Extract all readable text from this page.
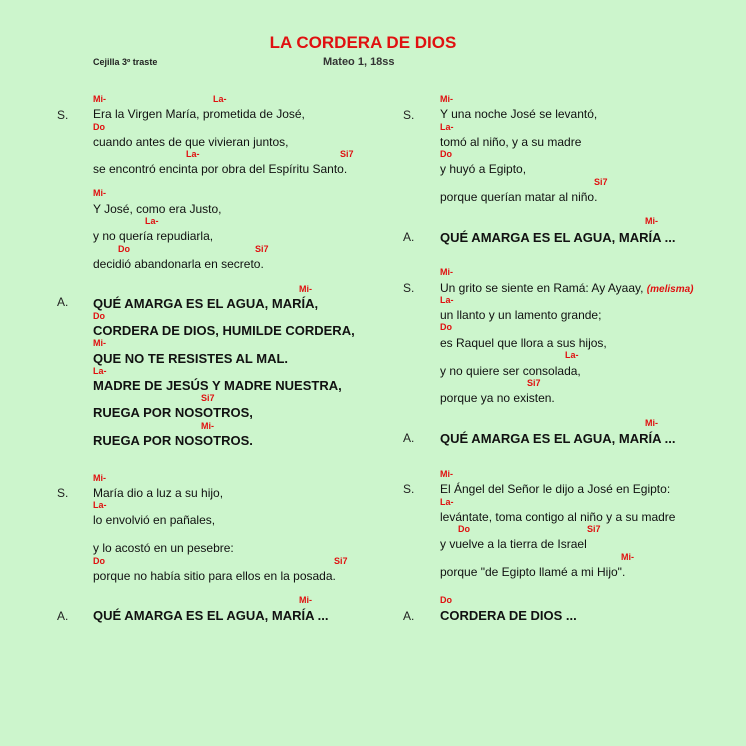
LA CORDERA DE DIOS
Cejilla 3º traste	Mateo 1, 18ss
S.
Mi-	La-
Era la Virgen María, prometida de José,
Do
cuando antes de que vivieran juntos,
La-	Si7
se encontró encinta por obra del Espíritu Santo.
Mi-
Y José, como era Justo,
La-
y no quería repudiarla,
Do	Si7
decidió abandonarla en secreto.
A.
Mi-
QUÉ AMARGA ES EL AGUA, MARÍA,
Do
CORDERA DE DIOS, HUMILDE CORDERA,
Mi-
QUE NO TE RESISTES AL MAL.
La-
MADRE DE JESÚS Y MADRE NUESTRA,
Si7
RUEGA POR NOSOTROS,
Mi-
RUEGA POR NOSOTROS.
S.
Mi-
María dio a luz a su hijo,
La-
lo envolvió en pañales,
y lo acostó en un pesebre:
Do	Si7
porque no había sitio para ellos en la posada.
A.
Mi-
QUÉ AMARGA ES EL AGUA, MARÍA ...
S.
Mi-
Y una noche José se levantó,
La-
tomó al niño, y a su madre
Do
y huyó a Egipto,
Si7
porque querían matar al niño.
A.
Mi-
QUÉ AMARGA ES EL AGUA, MARÍA ...
S.
Mi-
Un grito se siente en Ramá: Ay Ayaay, (melisma)
La-
un llanto y un lamento grande;
Do
es Raquel que llora a sus hijos,
La-
y no quiere ser consolada,
Si7
porque ya no existen.
A.
Mi-
QUÉ AMARGA ES EL AGUA, MARÍA ...
S.
Mi-
El Ángel del Señor le dijo a José en Egipto:
La-
levántate, toma contigo al niño y a su madre
Do	Si7
y vuelve a la tierra de Israel
Mi-
porque "de Egipto llamé a mi Hijo".
A.
Do
CORDERA DE DIOS ...
